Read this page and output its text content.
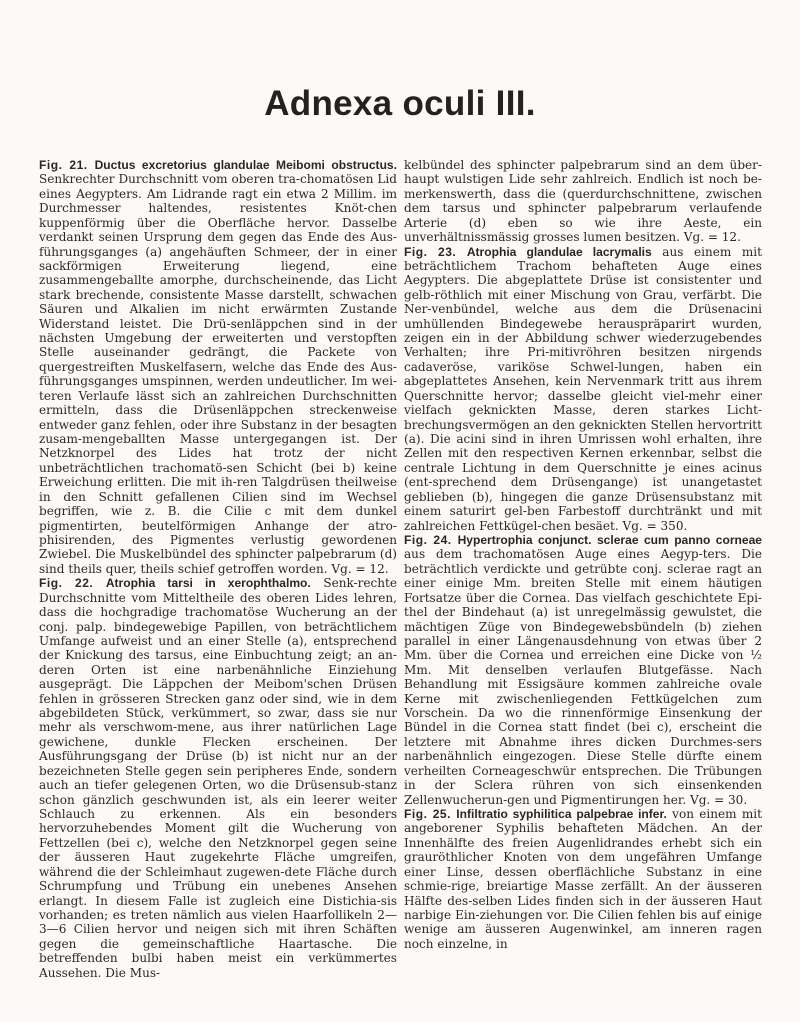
Adnexa oculi III.

Fig. 21. Ductus excretorius glandulae Meibomi obstructus. Senkrechter Durchschnitt vom oberen tra-chomatösen Lid eines Aegypters. Am Lidrande ragt ein etwa 2 Millim. im Durchmesser haltendes, resistentes Knöt-chen kuppenförmig über die Oberfläche hervor. Dasselbe verdankt seinen Ursprung dem gegen das Ende des Aus-führungsganges (a) angehäuften Schmeer, der in einer sackförmigen Erweiterung liegend, eine zusammengeballte amorphe, durchscheinende, das Licht stark brechende, consistente Masse darstellt, schwachen Säuren und Alkalien im nicht erwärmten Zustande Widerstand leistet. Die Drü-senläppchen sind in der nächsten Umgebung der erweiterten und verstopften Stelle auseinander gedrängt, die Packete von quergestreiften Muskelfasern, welche das Ende des Aus-führungsganges umspinnen, werden undeutlicher. Im wei-teren Verlaufe lässt sich an zahlreichen Durchschnitten ermitteln, dass die Drüsenläppchen streckenweise entweder ganz fehlen, oder ihre Substanz in der besagten zusam-mengeballten Masse untergegangen ist. Der Netzknorpel des Lides hat trotz der nicht unbeträchtlichen trachomatö-sen Schicht (bei b) keine Erweichung erlitten. Die mit ih-ren Talgdrüsen theilweise in den Schnitt gefallenen Cilien sind im Wechsel begriffen, wie z. B. die Cilie c mit dem dunkel pigmentirten, beutelförmigen Anhange der atro-phisirenden, des Pigmentes verlustig gewordenen Zwiebel. Die Muskelbündel des sphincter palpebrarum (d) sind theils quer, theils schief getroffen worden. Vg. = 12.

Fig. 22. Atrophia tarsi in xerophthalmo. Senk-rechte Durchschnitte vom Mitteltheile des oberen Lides lehren, dass die hochgradige trachomatöse Wucherung an der conj. palp. bindegewebige Papillen, von beträchtlichem Umfange aufweist und an einer Stelle (a), entsprechend der Knickung des tarsus, eine Einbuchtung zeigt; an an-deren Orten ist eine narbenähnliche Einziehung ausgeprägt. Die Läppchen der Meibom'schen Drüsen fehlen in grösseren Strecken ganz oder sind, wie in dem abgebildeten Stück, verkümmert, so zwar, dass sie nur mehr als verschwom-mene, aus ihrer natürlichen Lage gewichene, dunkle Flecken erscheinen. Der Ausführungsgang der Drüse (b) ist nicht nur an der bezeichneten Stelle gegen sein peripheres Ende, sondern auch an tiefer gelegenen Orten, wo die Drüsensub-stanz schon gänzlich geschwunden ist, als ein leerer weiter Schlauch zu erkennen. Als ein besonders hervorzuhebendes Moment gilt die Wucherung von Fettzellen (bei c), welche den Netzknorpel gegen seine der äusseren Haut zugekehrte Fläche umgreifen, während die der Schleimhaut zugewen-dete Fläche durch Schrumpfung und Trübung ein unebenes Ansehen erlangt. In diesem Falle ist zugleich eine Distichia-sis vorhanden; es treten nämlich aus vielen Haarfollikeln 2—3—6 Cilien hervor und neigen sich mit ihren Schäften gegen die gemeinschaftliche Haartasche. Die betreffenden bulbi haben meist ein verkümmertes Aussehen. Die Mus-

kelbündel des sphincter palpebrarum sind an dem über-haupt wulstigen Lide sehr zahlreich. Endlich ist noch be-merkenswerth, dass die (querdurchschnittene, zwischen dem tarsus und sphincter palpebrarum verlaufende Arterie (d) eben so wie ihre Aeste, ein unverhältnissmässig grosses lumen besitzen. Vg. = 12.

Fig. 23. Atrophia glandulae lacrymalis aus einem mit beträchtlichem Trachom behafteten Auge eines Aegypters. Die abgeplattete Drüse ist consistenter und gelb-röthlich mit einer Mischung von Grau, verfärbt. Die Ner-venbündel, welche aus dem die Drüsenacini umhüllenden Bindegewebe herauspräparirt wurden, zeigen ein in der Abbildung schwer wiederzugebendes Verhalten; ihre Pri-mitivröhren besitzen nirgends cadaveröse, variköse Schwel-lungen, haben ein abgeplattetes Ansehen, kein Nervenmark tritt aus ihrem Querschnitte hervor; dasselbe gleicht viel-mehr einer vielfach geknickten Masse, deren starkes Licht-brechungsvermögen an den geknickten Stellen hervortritt (a). Die acini sind in ihren Umrissen wohl erhalten, ihre Zellen mit den respectiven Kernen erkennbar, selbst die centrale Lichtung in dem Querschnitte je eines acinus (ent-sprechend dem Drüsengange) ist unangetastet geblieben (b), hingegen die ganze Drüsensubstanz mit einem saturirt gel-ben Farbestoff durchtränkt und mit zahlreichen Fettkügel-chen besäet. Vg. = 350.

Fig. 24. Hypertrophia conjunct. sclerae cum panno corneae aus dem trachomatösen Auge eines Aegyp-ters. Die beträchtlich verdickte und getrübte conj. sclerae ragt an einer einige Mm. breiten Stelle mit einem häutigen Fortsatze über die Cornea. Das vielfach geschichtete Epi-thel der Bindehaut (a) ist unregelmässig gewulstet, die mächtigen Züge von Bindegewebsbündeln (b) ziehen parallel in einer Längenausdehnung von etwas über 2 Mm. über die Cornea und erreichen eine Dicke von ½ Mm. Mit denselben verlaufen Blutgefässe. Nach Behandlung mit Essigsäure kommen zahlreiche ovale Kerne mit zwischenliegenden Fettkügelchen zum Vorschein. Da wo die rinnenförmige Einsenkung der Bündel in die Cornea statt findet (bei c), erscheint die letztere mit Abnahme ihres dicken Durchmes-sers narbenähnlich eingezogen. Diese Stelle dürfte einem verheilten Corneageschwür entsprechen. Die Trübungen in der Sclera rühren von sich einsenkenden Zellenwucherun-gen und Pigmentirungen her. Vg. = 30.

Fig. 25. Infiltratio syphilitica palpebrae infer. von einem mit angeborener Syphilis behafteten Mädchen. An der Innenhälfte des freien Augenlidrandes erhebt sich ein grauröthlicher Knoten von dem ungefähren Umfange einer Linse, dessen oberflächliche Substanz in eine schmie-rige, breiartige Masse zerfällt. An der äusseren Hälfte des-selben Lides finden sich in der äusseren Haut narbige Ein-ziehungen vor. Die Cilien fehlen bis auf einige wenige am äusseren Augenwinkel, am inneren ragen noch einzelne, in
